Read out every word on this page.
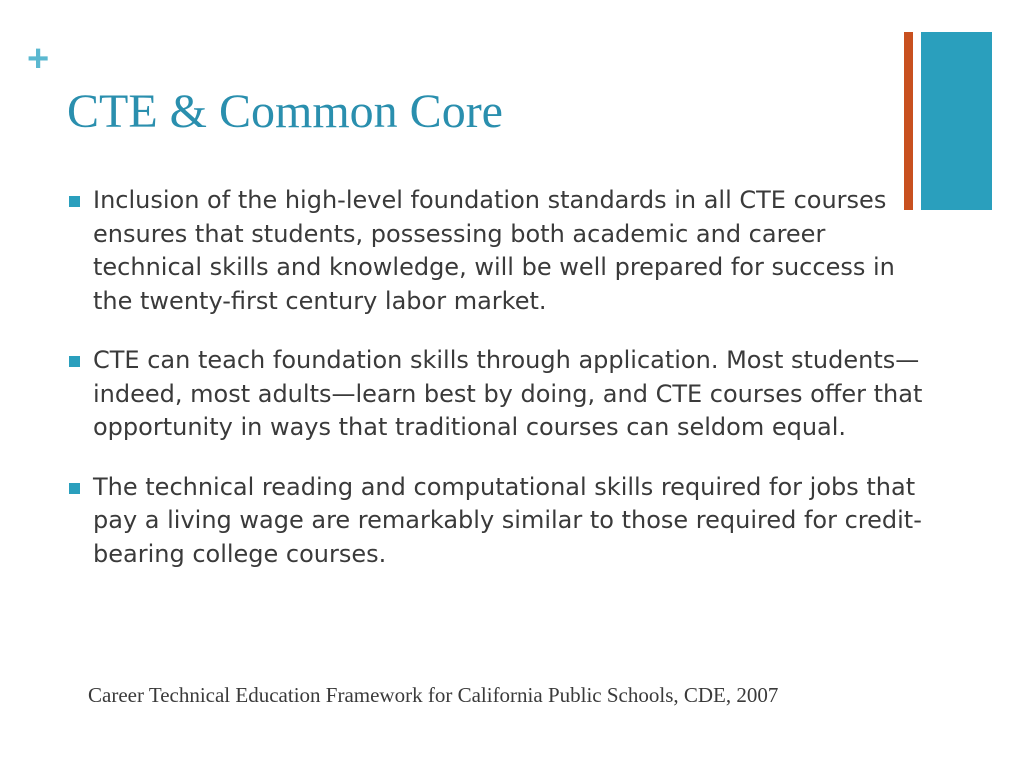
+
CTE & Common Core
Inclusion of the high-level foundation standards in all CTE courses ensures that students, possessing both academic and career technical skills and knowledge, will be well prepared for success in the twenty-first century labor market.
CTE can teach foundation skills through application. Most students—indeed, most adults—learn best by doing, and CTE courses offer that opportunity in ways that traditional courses can seldom equal.
The technical reading and computational skills required for jobs that pay a living wage are remarkably similar to those required for credit-bearing college courses.
Career Technical Education Framework for California Public Schools, CDE, 2007
